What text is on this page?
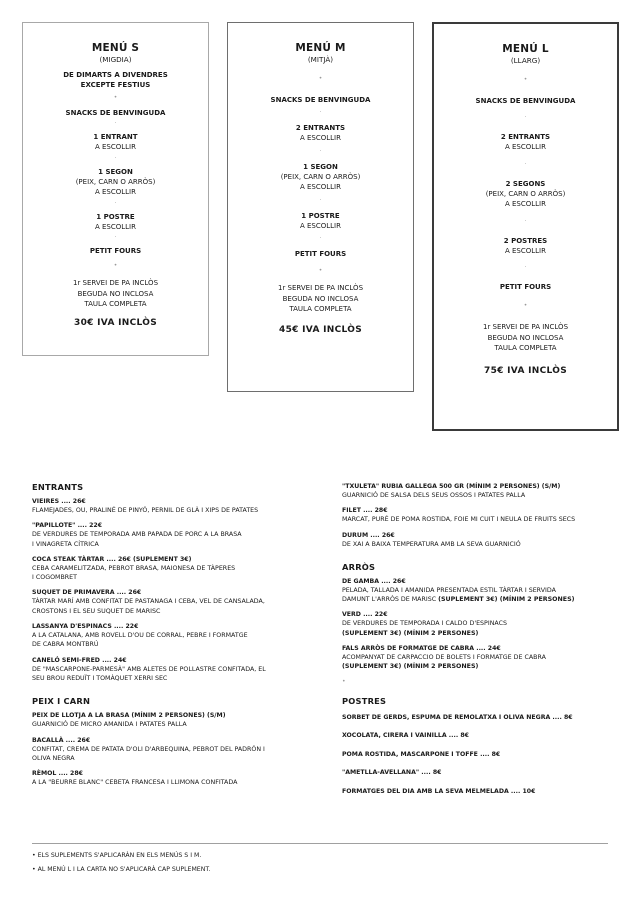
MENÚ S
(MIGDIA)
DE DIMARTS A DIVENDRES
EXCEPTE FESTIUS
•
SNACKS DE BENVINGUDA
·
1 ENTRANT
A ESCOLLIR
·
1 SEGON
(PEIX, CARN O ARRÒS)
A ESCOLLIR
·
1 POSTRE
A ESCOLLIR
·
PETIT FOURS
•
1r SERVEI DE PA INCLÒS
BEGUDA NO INCLOSA
TAULA COMPLETA
30€ IVA INCLÒS
MENÚ M
(MITJÀ)
•
SNACKS DE BENVINGUDA
·
2 ENTRANTS
A ESCOLLIR
·
1 SEGON
(PEIX, CARN O ARRÒS)
A ESCOLLIR
·
1 POSTRE
A ESCOLLIR
·
PETIT FOURS
•
1r SERVEI DE PA INCLÒS
BEGUDA NO INCLOSA
TAULA COMPLETA
45€ IVA INCLÒS
MENÚ L
(LLARG)
•
SNACKS DE BENVINGUDA
·
2 ENTRANTS
A ESCOLLIR
·
2 SEGONS
(PEIX, CARN O ARRÒS)
A ESCOLLIR
·
2 POSTRES
A ESCOLLIR
·
PETIT FOURS
•
1r SERVEI DE PA INCLÒS
BEGUDA NO INCLOSA
TAULA COMPLETA
75€ IVA INCLÒS
ENTRANTS
VIEIRES .... 26€
FLAMEJADES, OU, PRALINÉ DE PINYÓ, PERNIL DE GLÀ I XIPS DE PATATES
"PAPILLOTE" .... 22€
DE VERDURES DE TEMPORADA AMB PAPADA DE PORC A LA BRASA
I VINAGRETA CÍTRICA
COCA STEAK TÀRTAR .... 26€ (SUPLEMENT 3€)
CEBA CARAMELITZADA, PEBROT BRASA, MAIONESA DE TÀPERES
I COGOMBRET
SUQUET DE PRIMAVERA .... 26€
TÀRTAR MARÍ AMB CONFITAT DE PASTANAGA I CEBA, VEL DE CANSALADA,
CROSTONS I EL SEU SUQUET DE MARISC
LASSANYA D'ESPINACS .... 22€
A LA CATALANA, AMB ROVELL D'OU DE CORRAL, PEBRE I FORMATGE
DE CABRA MONTBRÚ
CANELÓ SEMI-FRED .... 24€
DE "MASCARPONE-PARMESÀ" AMB ALETES DE POLLASTRE CONFITADA, EL
SEU BROU REDUÏT I TOMÀQUET XERRI SEC
PEIX I CARN
PEIX DE LLOTJA A LA BRASA (MÍNIM 2 PERSONES) (S/M)
GUARNICIÓ DE MICRO AMANIDA I PATATES PALLA
BACALLÀ .... 26€
CONFITAT, CREMA DE PATATA D'OLI D'ARBEQUINA, PEBROT DEL PADRÓN I
OLIVA NEGRA
RÈMOL .... 28€
A LA "BEURRE BLANC" CEBETA FRANCESA I LLIMONA CONFITADA
"TXULETA" RUBIA GALLEGA 500 GR (MÍNIM 2 PERSONES) (S/M)
GUARNICIÓ DE SALSA DELS SEUS OSSOS I PATATES PALLA
FILET .... 28€
MARCAT, PURÉ DE POMA ROSTIDA, FOIE MI CUIT I NEULA DE FRUITS SECS
DURUM .... 26€
DE XAI A BAIXA TEMPERATURA AMB LA SEVA GUARNICIÓ
ARRÒS
DE GAMBA .... 26€
PELADA, TALLADA I AMANIDA PRESENTADA ESTIL TÀRTAR I SERVIDA
DAMUNT L'ARRÒS DE MARISC (SUPLEMENT 3€) (MÍNIM 2 PERSONES)
VERD .... 22€
DE VERDURES DE TEMPORADA I CALDO D'ESPINACS
(SUPLEMENT 3€) (MÍNIM 2 PERSONES)
FALS ARRÒS DE FORMATGE DE CABRA .... 24€
ACOMPANYAT DE CARPACCIO DE BOLETS I FORMATGE DE CABRA
(SUPLEMENT 3€) (MÍNIM 2 PERSONES)
•
POSTRES
SORBET DE GERDS, ESPUMA DE REMOLATXA I OLIVA NEGRA .... 8€
XOCOLATA, CIRERA I VAINILLA .... 8€
POMA ROSTIDA, MASCARPONE I TOFFE .... 8€
"AMETLLA-AVELLANA" .... 8€
FORMATGES DEL DIA AMB LA SEVA MELMELADA .... 10€
• ELS SUPLEMENTS S'APLICARÀN EN ELS MENÚS S I M.
• AL MENÚ L I LA CARTA NO S'APLICARÀ CAP SUPLEMENT.
